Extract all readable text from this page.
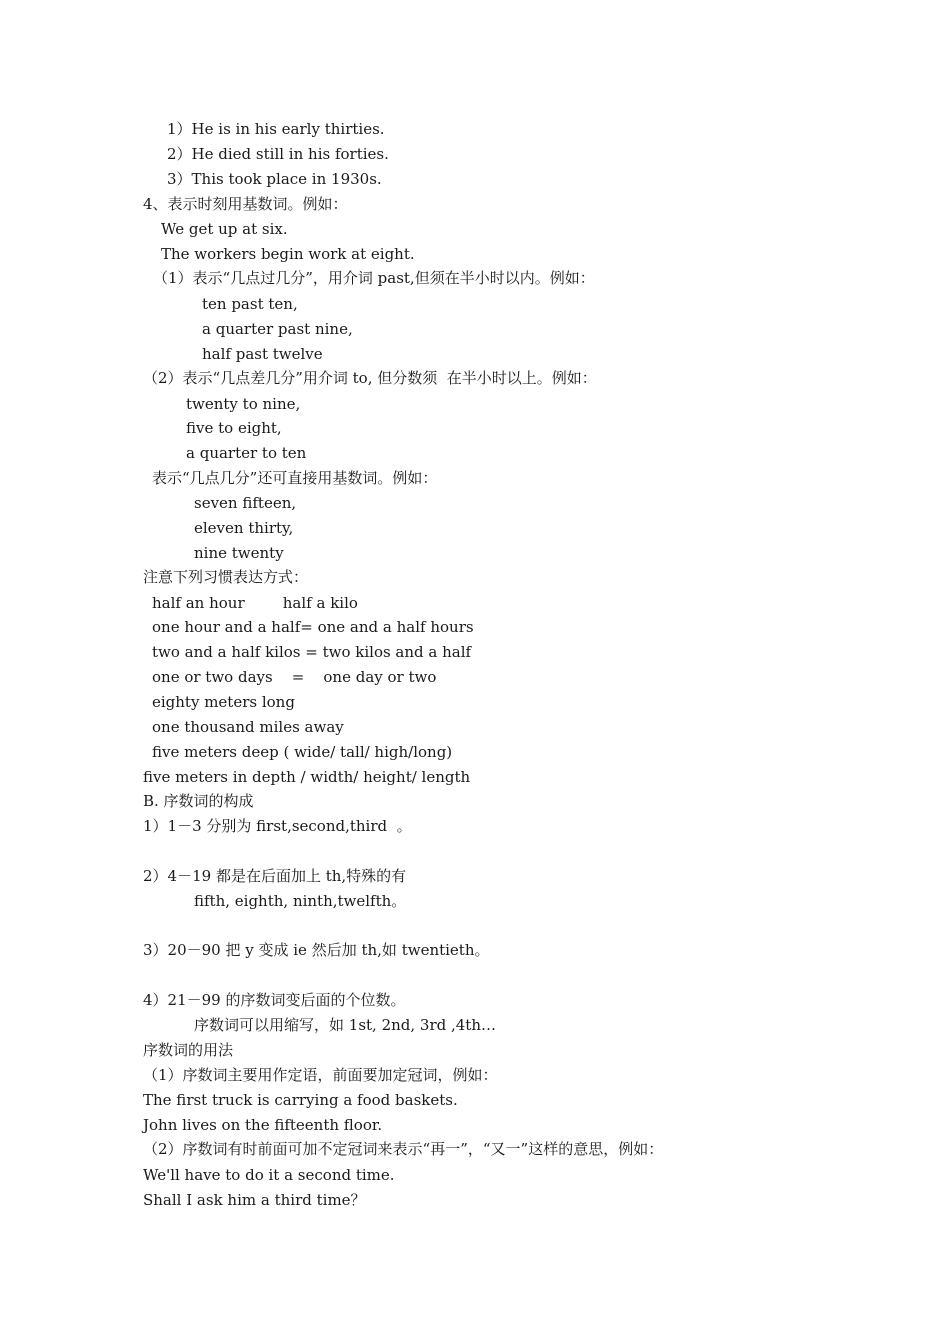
1）He is in his early thirties.
2）He died still in his forties.
3）This took place in 1930s.
4、表示时刻用基数词。例如：
We get up at six.
The workers begin work at eight.
（1）表示“几点过几分”，用介词 past,但须在半小时以内。例如：
ten past ten,
a quarter past nine,
half past twelve
（2）表示“几点差几分”用介词 to, 但分数须  在半小时以上。例如：
twenty to nine,
five to eight,
a quarter to ten
表示“几点几分”还可直接用基数词。例如：
seven fifteen,
eleven thirty,
nine twenty
注意下列习惯表达方式：
half an hour        half a kilo
one hour and a half= one and a half hours
two and a half kilos = two kilos and a half
one or two days    =    one day or two
eighty meters long
one thousand miles away
five meters deep ( wide/ tall/ high/long)
five meters in depth / width/ height/ length
B. 序数词的构成
1）1－3 分别为 first,second,third  。
2）4－19 都是在后面加上 th,特殊的有
fifth, eighth, ninth,twelfth。
3）20－90 把 y 变成 ie 然后加 th,如 twentieth。
4）21－99 的序数词变后面的个位数。
序数词可以用缩写，如 1st, 2nd, 3rd ,4th…
序数词的用法
（1）序数词主要用作定语，前面要加定冠词，例如：
The first truck is carrying a food baskets.
John lives on the fifteenth floor.
（2）序数词有时前面可加不定冠词来表示“再一”，“又一”这样的意思，例如：
We'll have to do it a second time.
Shall I ask him a third time？
